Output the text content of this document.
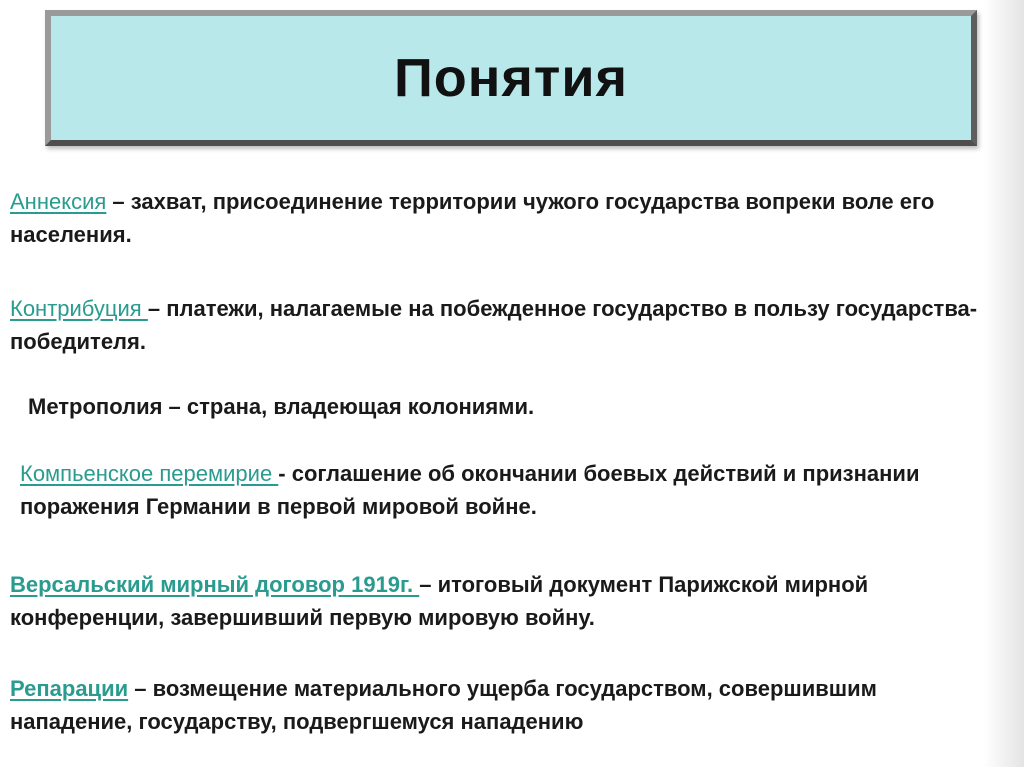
Понятия

Аннексия – захват, присоединение территории чужого государства вопреки воле его населения.

Контрибуция – платежи, налагаемые на побежденное государство в пользу государства-победителя.

Метрополия – страна, владеющая колониями.

Компьенское перемирие - соглашение об окончании боевых действий и признании поражения Германии в первой мировой войне.

Версальский мирный договор 1919г. – итоговый документ Парижской мирной конференции, завершивший первую мировую войну.

Репарации – возмещение материального ущерба государством, совершившим нападение, государству, подвергшемуся нападению
